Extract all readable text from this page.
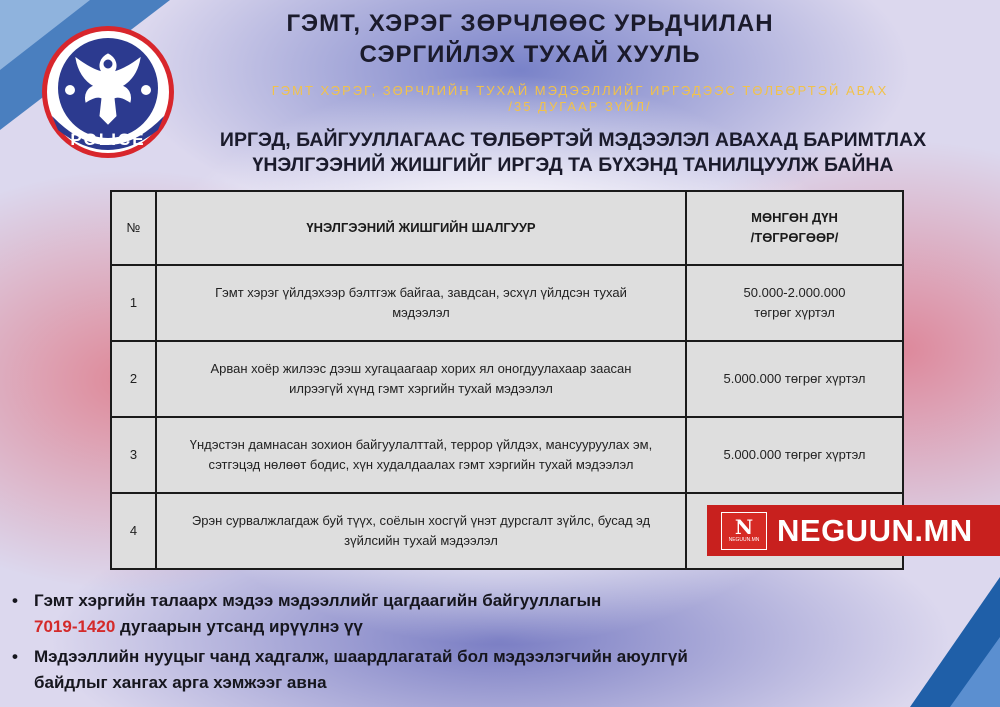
POLICE
ГЭМТ, ХЭРЭГ ЗӨРЧЛӨӨС УРЬДЧИЛАН
СЭРГИЙЛЭХ ТУХАЙ ХУУЛЬ
ГЭМТ ХЭРЭГ, ЗӨРЧЛИЙН ТУХАЙ МЭДЭЭЛЛИЙГ ИРГЭДЭЭС ТӨЛБӨРТЭЙ АВАХ
/35 ДУГААР ЗҮЙЛ/
ИРГЭД, БАЙГУУЛЛАГААС ТӨЛБӨРТЭЙ МЭДЭЭЛЭЛ АВАХАД БАРИМТЛАХ
ҮНЭЛГЭЭНИЙ ЖИШГИЙГ ИРГЭД ТА БҮХЭНД ТАНИЛЦУУЛЖ БАЙНА
№	ҮНЭЛГЭЭНИЙ ЖИШГИЙН ШАЛГУУР	МӨНГӨН ДҮН
/ТӨГРӨГӨӨР/

1	Гэмт хэрэг үйлдэхээр бэлтгэж байгаа, завдсан, эсхүл үйлдсэн тухай мэдээлэл	50.000-2.000.000
төгрөг хүртэл

2	Арван хоёр жилээс дээш хугацаагаар хорих ял оногдуулахаар заасан илрээгүй хүнд гэмт хэргийн тухай мэдээлэл	5.000.000 төгрөг хүртэл

3	Үндэстэн дамнасан зохион байгуулалттай, террор үйлдэх, мансууруулах эм, сэтгэцэд нөлөөт бодис, хүн худалдаалах гэмт хэргийн тухай мэдээлэл	5.000.000 төгрөг хүртэл

4	Эрэн сурвалжлагдаж буй түүх, соёлын хосгүй үнэт дурсгалт зүйлс, бусад эд зүйлсийн тухай мэдээлэл	
N
NEGUUN.MN NEGUUN.MN
• Гэмт хэргийн талаарх мэдээ мэдээллийг цагдаагийн байгууллагын
7019-1420 дугаарын утсанд ирүүлнэ үү
• Мэдээллийн нууцыг чанд хадгалж, шаардлагатай бол мэдээлэгчийн аюулгүй
байдлыг хангах арга хэмжээг авна
